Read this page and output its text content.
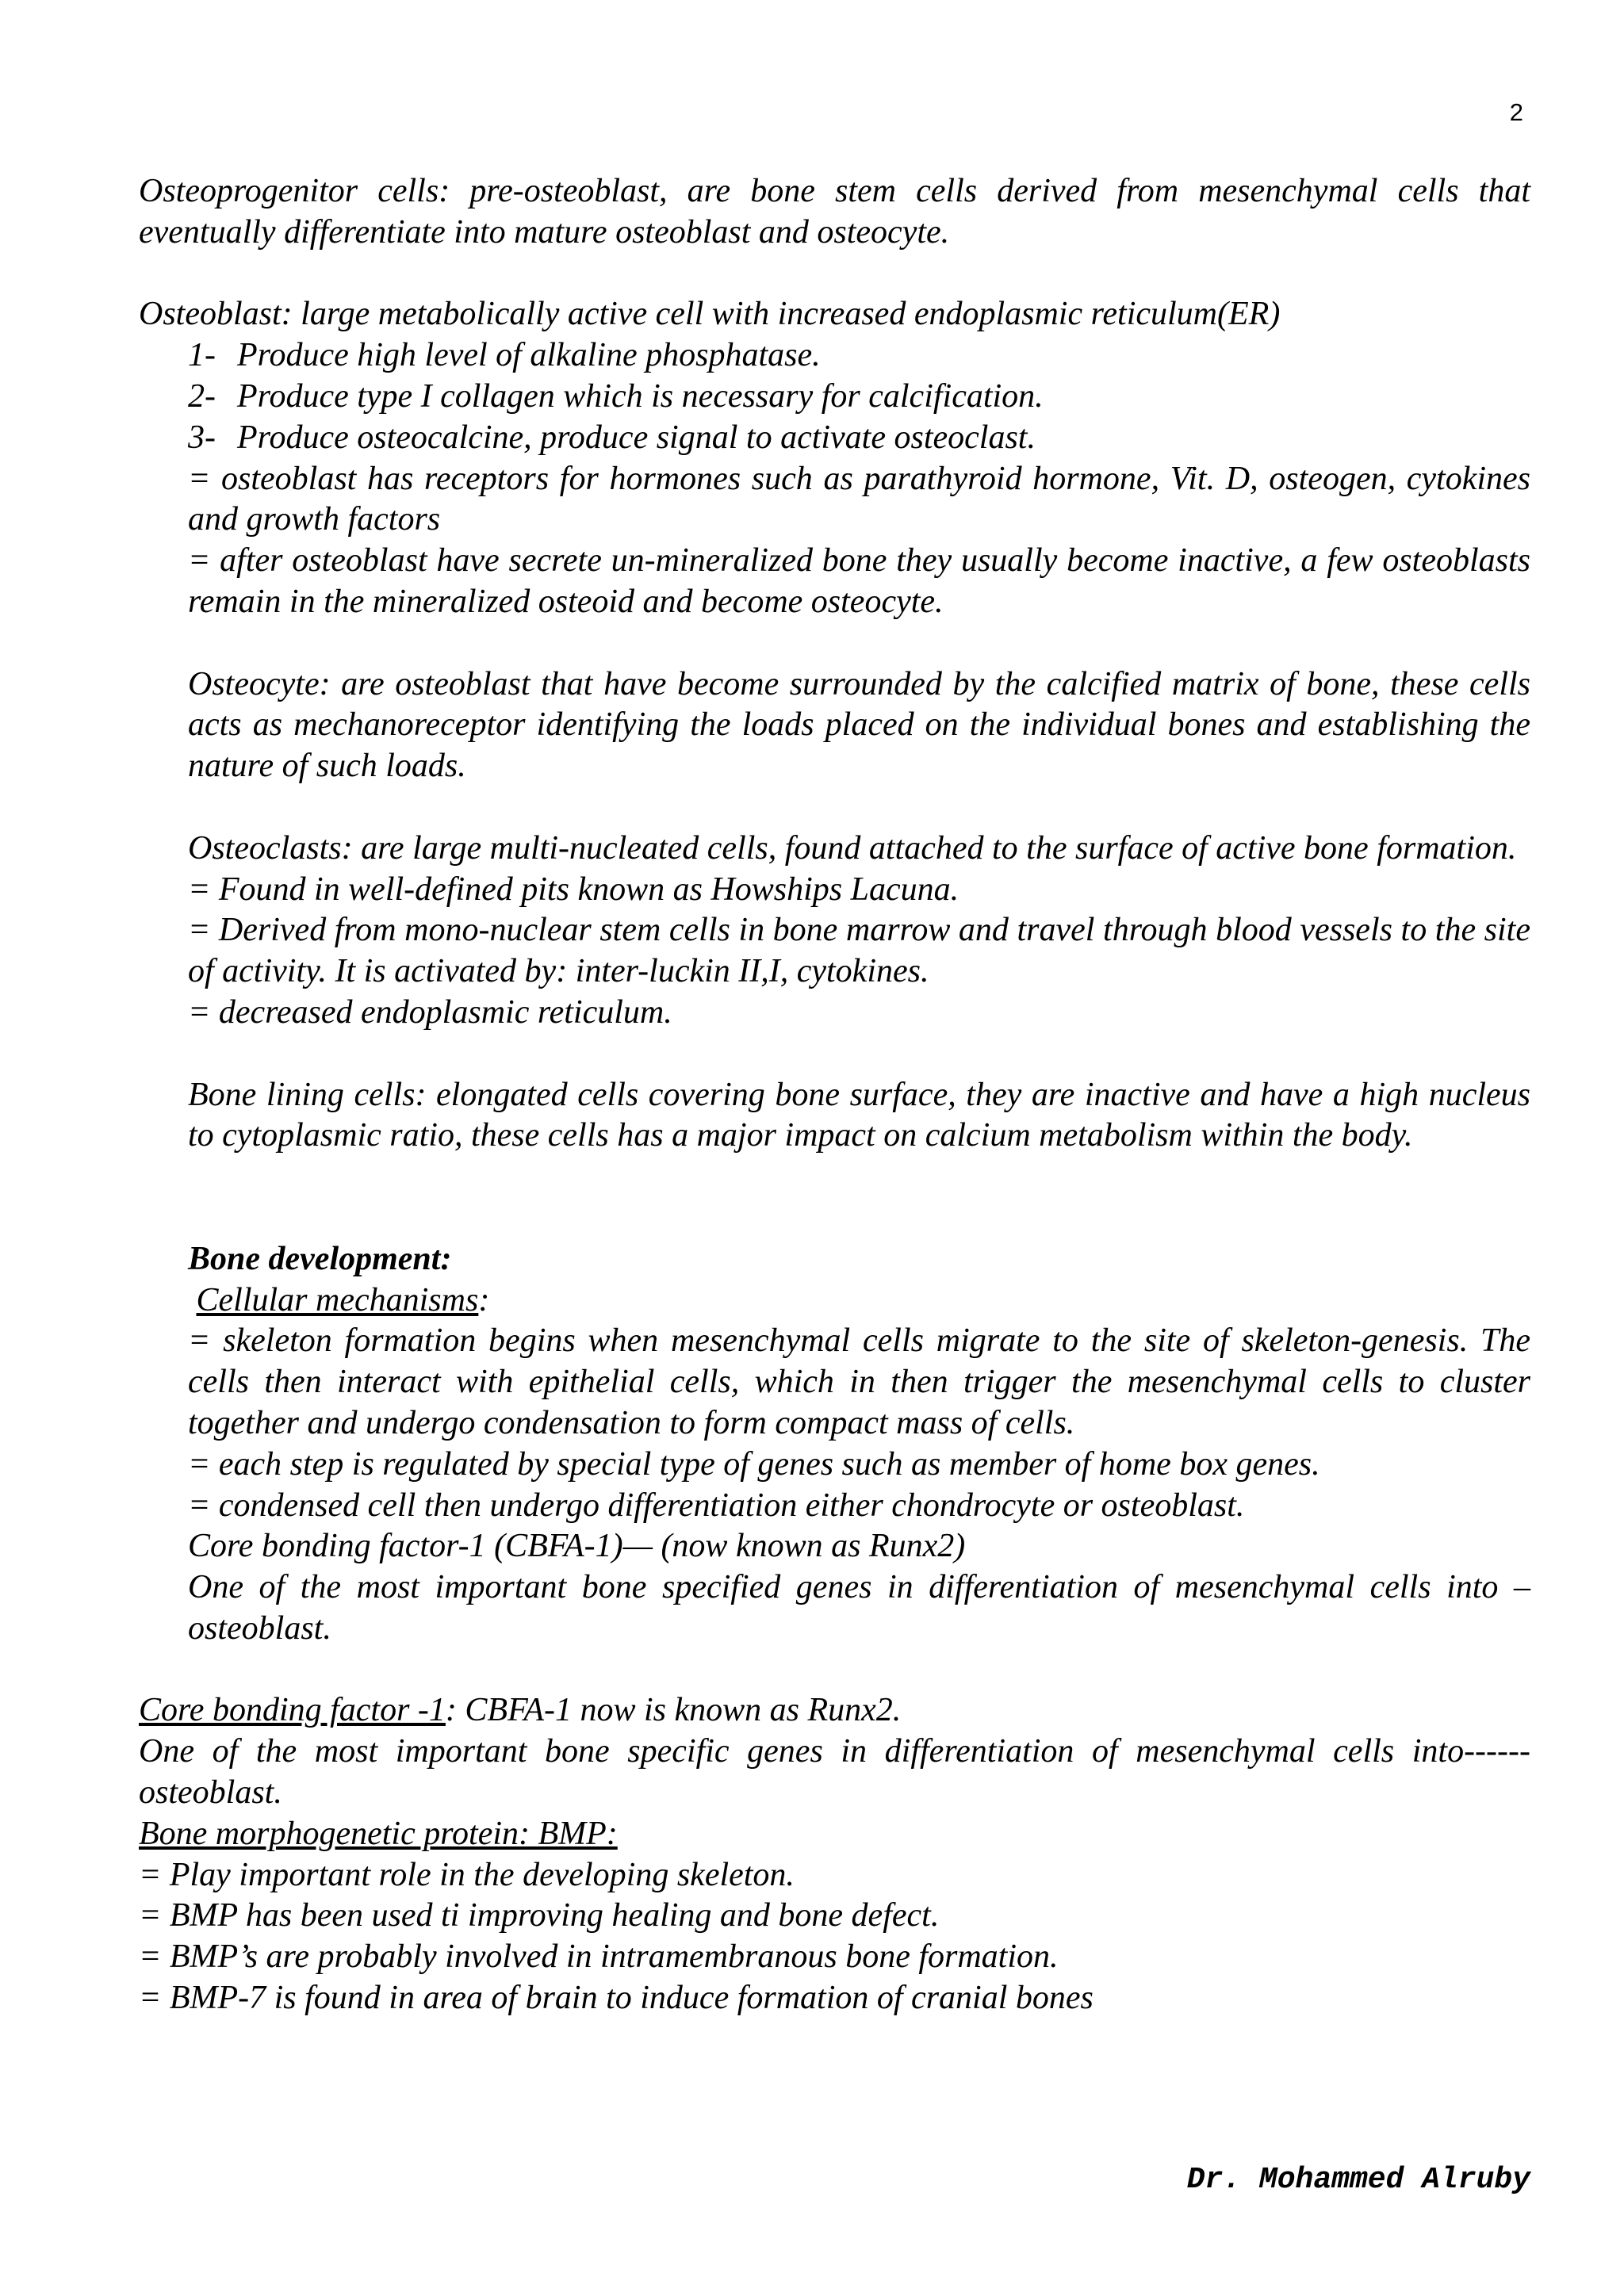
2

Osteoprogenitor cells: pre-osteoblast, are bone stem cells derived from mesenchymal cells that eventually differentiate into mature osteoblast and osteocyte.

Osteoblast: large metabolically active cell with increased endoplasmic reticulum(ER)

1- Produce high level of alkaline phosphatase.
2- Produce type I collagen which is necessary for calcification.
3- Produce osteocalcine, produce signal to activate osteoclast.

= osteoblast has receptors for hormones such as parathyroid hormone, Vit. D, osteogen, cytokines and growth factors

= after osteoblast have secrete un-mineralized bone they usually become inactive, a few osteoblasts remain in the mineralized osteoid and become osteocyte.

Osteocyte: are osteoblast that have become surrounded by the calcified matrix of bone, these cells acts as mechanoreceptor identifying the loads placed on the individual bones and establishing the nature of such loads.

Osteoclasts: are large multi-nucleated cells, found attached to the surface of active bone formation.

= Found in well-defined pits known as Howships Lacuna.

= Derived from mono-nuclear stem cells in bone marrow and travel through blood vessels to the site of activity. It is activated by: inter-luckin II,I, cytokines.

= decreased endoplasmic reticulum.

Bone lining cells: elongated cells covering bone surface, they are inactive and have a high nucleus to cytoplasmic ratio, these cells has a major impact on calcium metabolism within the body.

Bone development:

Cellular mechanisms:

= skeleton formation begins when mesenchymal cells migrate to the site of skeleton-genesis. The cells then interact with epithelial cells, which in then trigger the mesenchymal cells to cluster together and undergo condensation to form compact mass of cells.

= each step is regulated by special type of genes such as member of home box genes.

= condensed cell then undergo differentiation either chondrocyte or osteoblast.

Core bonding factor-1 (CBFA-1)— (now known as Runx2)

One of the most important bone specified genes in differentiation of mesenchymal cells into – osteoblast.

Core bonding factor -1: CBFA-1 now is known as Runx2.

One of the most important bone specific genes in differentiation of mesenchymal cells into------ osteoblast.

Bone morphogenetic protein: BMP:

= Play important role in the developing skeleton.

= BMP has been used ti improving healing and bone defect.

= BMP’s are probably involved in intramembranous bone formation.

= BMP-7 is found in area of brain to induce formation of cranial bones

Dr. Mohammed Alruby
